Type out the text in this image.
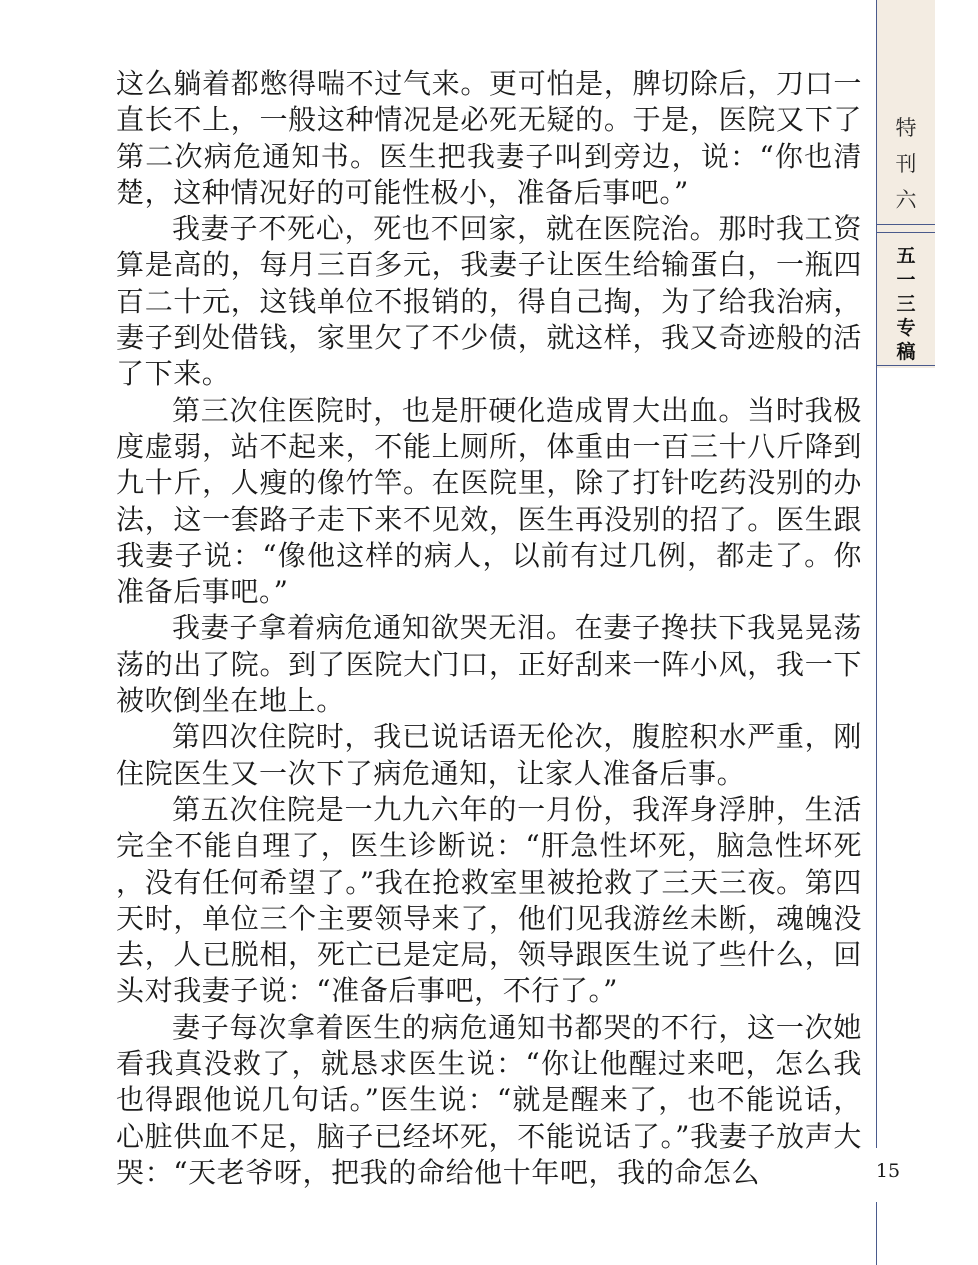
特
刊
六
五
一
三
专
稿
15

这么躺着都憋得喘不过气来。更可怕是，脾切除后，刀口一直长不上，一般这种情况是必死无疑的。于是，医院又下了第二次病危通知书。医生把我妻子叫到旁边，说：“你也清楚，这种情况好的可能性极小，准备后事吧。”

我妻子不死心，死也不回家，就在医院治。那时我工资算是高的，每月三百多元，我妻子让医生给输蛋白，一瓶四百二十元，这钱单位不报销的，得自己掏，为了给我治病，妻子到处借钱，家里欠了不少债，就这样，我又奇迹般的活了下来。

第三次住医院时，也是肝硬化造成胃大出血。当时我极度虚弱，站不起来，不能上厕所，体重由一百三十八斤降到九十斤，人瘦的像竹竿。在医院里，除了打针吃药没别的办法，这一套路子走下来不见效，医生再没别的招了。医生跟我妻子说：“像他这样的病人，以前有过几例，都走了。你准备后事吧。”

我妻子拿着病危通知欲哭无泪。在妻子搀扶下我晃晃荡荡的出了院。到了医院大门口，正好刮来一阵小风，我一下被吹倒坐在地上。

第四次住院时，我已说话语无伦次，腹腔积水严重，刚住院医生又一次下了病危通知，让家人准备后事。

第五次住院是一九九六年的一月份，我浑身浮肿，生活完全不能自理了，医生诊断说：“肝急性坏死，脑急性坏死，没有任何希望了。”我在抢救室里被抢救了三天三夜。第四天时，单位三个主要领导来了，他们见我游丝未断，魂魄没去，人已脱相，死亡已是定局，领导跟医生说了些什么，回头对我妻子说：“准备后事吧，不行了。”

妻子每次拿着医生的病危通知书都哭的不行，这一次她看我真没救了，就恳求医生说：“你让他醒过来吧，怎么我也得跟他说几句话。”医生说：“就是醒来了，也不能说话，心脏供血不足，脑子已经坏死，不能说话了。”我妻子放声大哭：“天老爷呀，把我的命给他十年吧，我的命怎么
